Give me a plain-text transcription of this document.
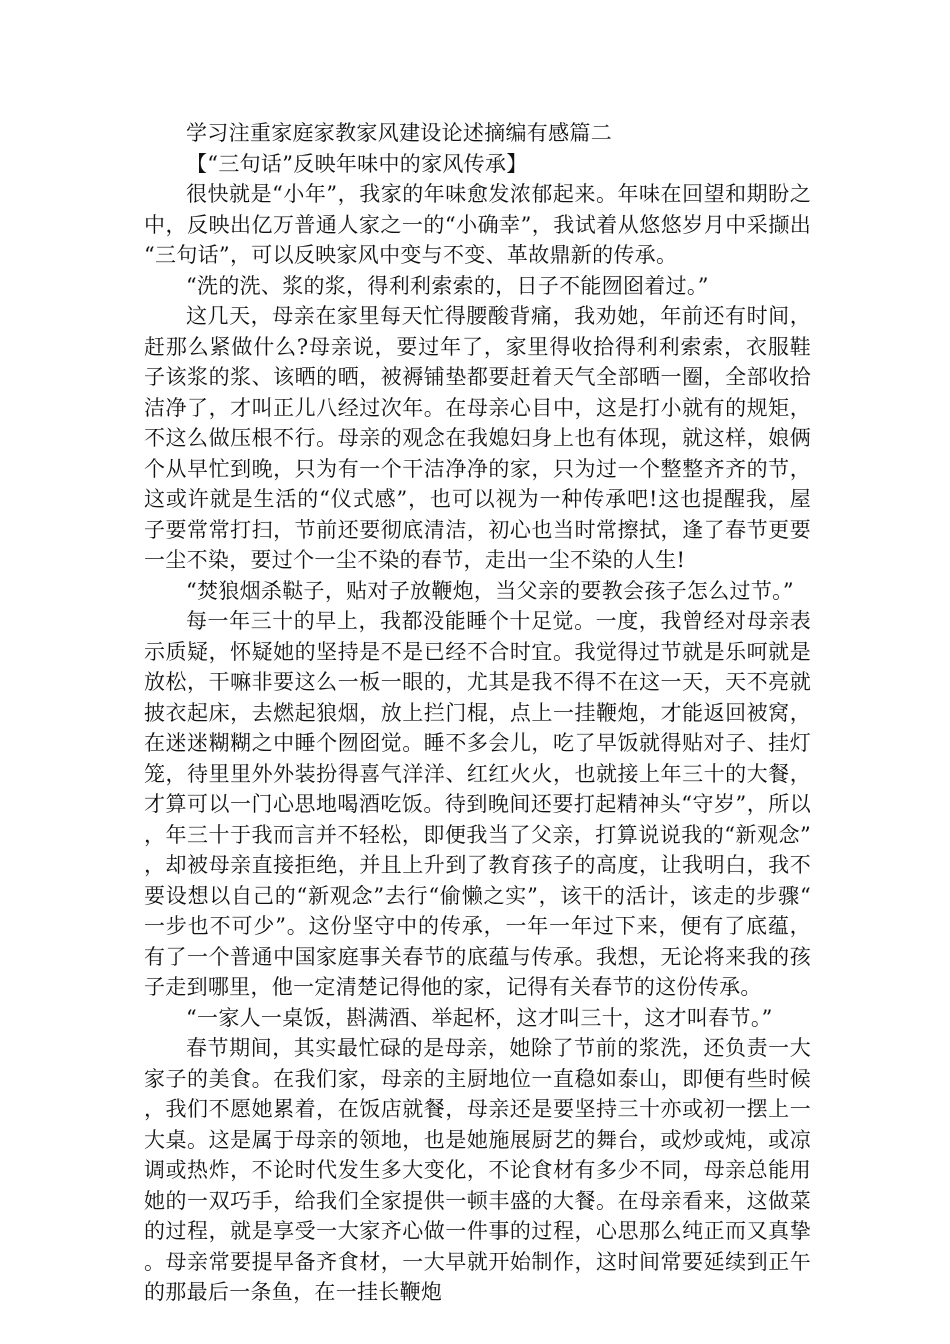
学习注重家庭家教家风建设论述摘编有感篇二

【“三句话”反映年味中的家风传承】

很快就是“小年”，我家的年味愈发浓郁起来。年味在回望和期盼之中，反映出亿万普通人家之一的“小确幸”，我试着从悠悠岁月中采撷出“三句话”，可以反映家风中变与不变、革故鼎新的传承。

“洗的洗、浆的浆，得利利索索的，日子不能囫囵着过。”

这几天，母亲在家里每天忙得腰酸背痛，我劝她，年前还有时间，赶那么紧做什么?母亲说，要过年了，家里得收拾得利利索索，衣服鞋子该浆的浆、该晒的晒，被褥铺垫都要赶着天气全部晒一圈，全部收拾洁净了，才叫正儿八经过次年。在母亲心目中，这是打小就有的规矩，不这么做压根不行。母亲的观念在我媳妇身上也有体现，就这样，娘俩个从早忙到晚，只为有一个干洁净净的家，只为过一个整整齐齐的节，这或许就是生活的“仪式感”，也可以视为一种传承吧!这也提醒我，屋子要常常打扫，节前还要彻底清洁，初心也当时常擦拭，逢了春节更要一尘不染，要过个一尘不染的春节，走出一尘不染的人生!

“焚狼烟杀鞑子，贴对子放鞭炮，当父亲的要教会孩子怎么过节。”

每一年三十的早上，我都没能睡个十足觉。一度，我曾经对母亲表示质疑，怀疑她的坚持是不是已经不合时宜。我觉得过节就是乐呵就是放松，干嘛非要这么一板一眼的，尤其是我不得不在这一天，天不亮就披衣起床，去燃起狼烟，放上拦门棍，点上一挂鞭炮，才能返回被窝，在迷迷糊糊之中睡个囫囵觉。睡不多会儿，吃了早饭就得贴对子、挂灯笼，待里里外外装扮得喜气洋洋、红红火火，也就接上年三十的大餐，才算可以一门心思地喝酒吃饭。待到晚间还要打起精神头“守岁”，所以，年三十于我而言并不轻松，即便我当了父亲，打算说说我的“新观念”，却被母亲直接拒绝，并且上升到了教育孩子的高度，让我明白，我不要设想以自己的“新观念”去行“偷懒之实”，该干的活计，该走的步骤“一步也不可少”。这份坚守中的传承，一年一年过下来，便有了底蕴，有了一个普通中国家庭事关春节的底蕴与传承。我想，无论将来我的孩子走到哪里，他一定清楚记得他的家，记得有关春节的这份传承。

“一家人一桌饭，斟满酒、举起杯，这才叫三十，这才叫春节。”

春节期间，其实最忙碌的是母亲，她除了节前的浆洗，还负责一大家子的美食。在我们家，母亲的主厨地位一直稳如泰山，即便有些时候，我们不愿她累着，在饭店就餐，母亲还是要坚持三十亦或初一摆上一大桌。这是属于母亲的领地，也是她施展厨艺的舞台，或炒或炖，或凉调或热炸，不论时代发生多大变化，不论食材有多少不同，母亲总能用她的一双巧手，给我们全家提供一顿丰盛的大餐。在母亲看来，这做菜的过程，就是享受一大家齐心做一件事的过程，心思那么纯正而又真挚。母亲常要提早备齐食材，一大早就开始制作，这时间常要延续到正午的那最后一条鱼，在一挂长鞭炮
